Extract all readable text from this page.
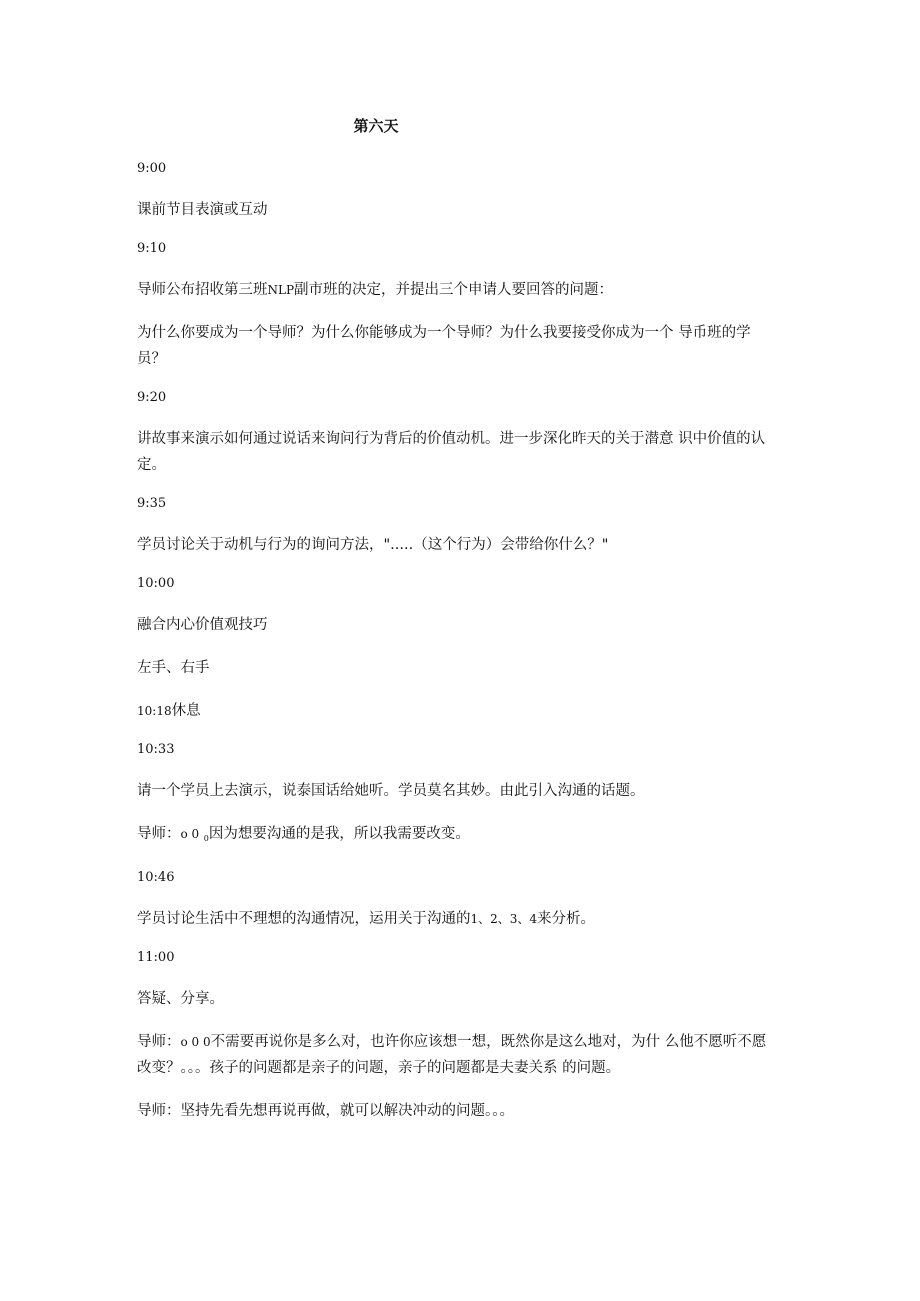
第六天
9:00
课前节目表演或互动
9:10
导师公布招收第三班NLP副市班的决定，并提出三个申请人要回答的问题：
为什么你要成为一个导师？为什么你能够成为一个导师？为什么我要接受你成为一个 导币班的学员？
9:20
讲故事来演示如何通过说话来询问行为背后的价值动机。进一步深化昨天的关于潜意 识中价值的认定。
9:35
学员讨论关于动机与行为的询问方法，".....（这个行为）会带给你什么？"
10:00
融合内心价值观技巧
左手、右手
10:18休息
10:33
请一个学员上去演示，说泰国话给她听。学员莫名其妙。由此引入沟通的话题。
导师：o 0 $_0$因为想要沟通的是我，所以我需要改变。
10:46
学员讨论生活中不理想的沟通情况，运用关于沟通的1、2、3、4来分析。
11:00
答疑、分享。
导师：o 0 0不需要再说你是多么对，也许你应该想一想，既然你是这么地对，为什 么他不愿听不愿改变？。。。孩子的问题都是亲子的问题，亲子的问题都是夫妻关系 的问题。
导师：坚持先看先想再说再做，就可以解决冲动的问题。。。
